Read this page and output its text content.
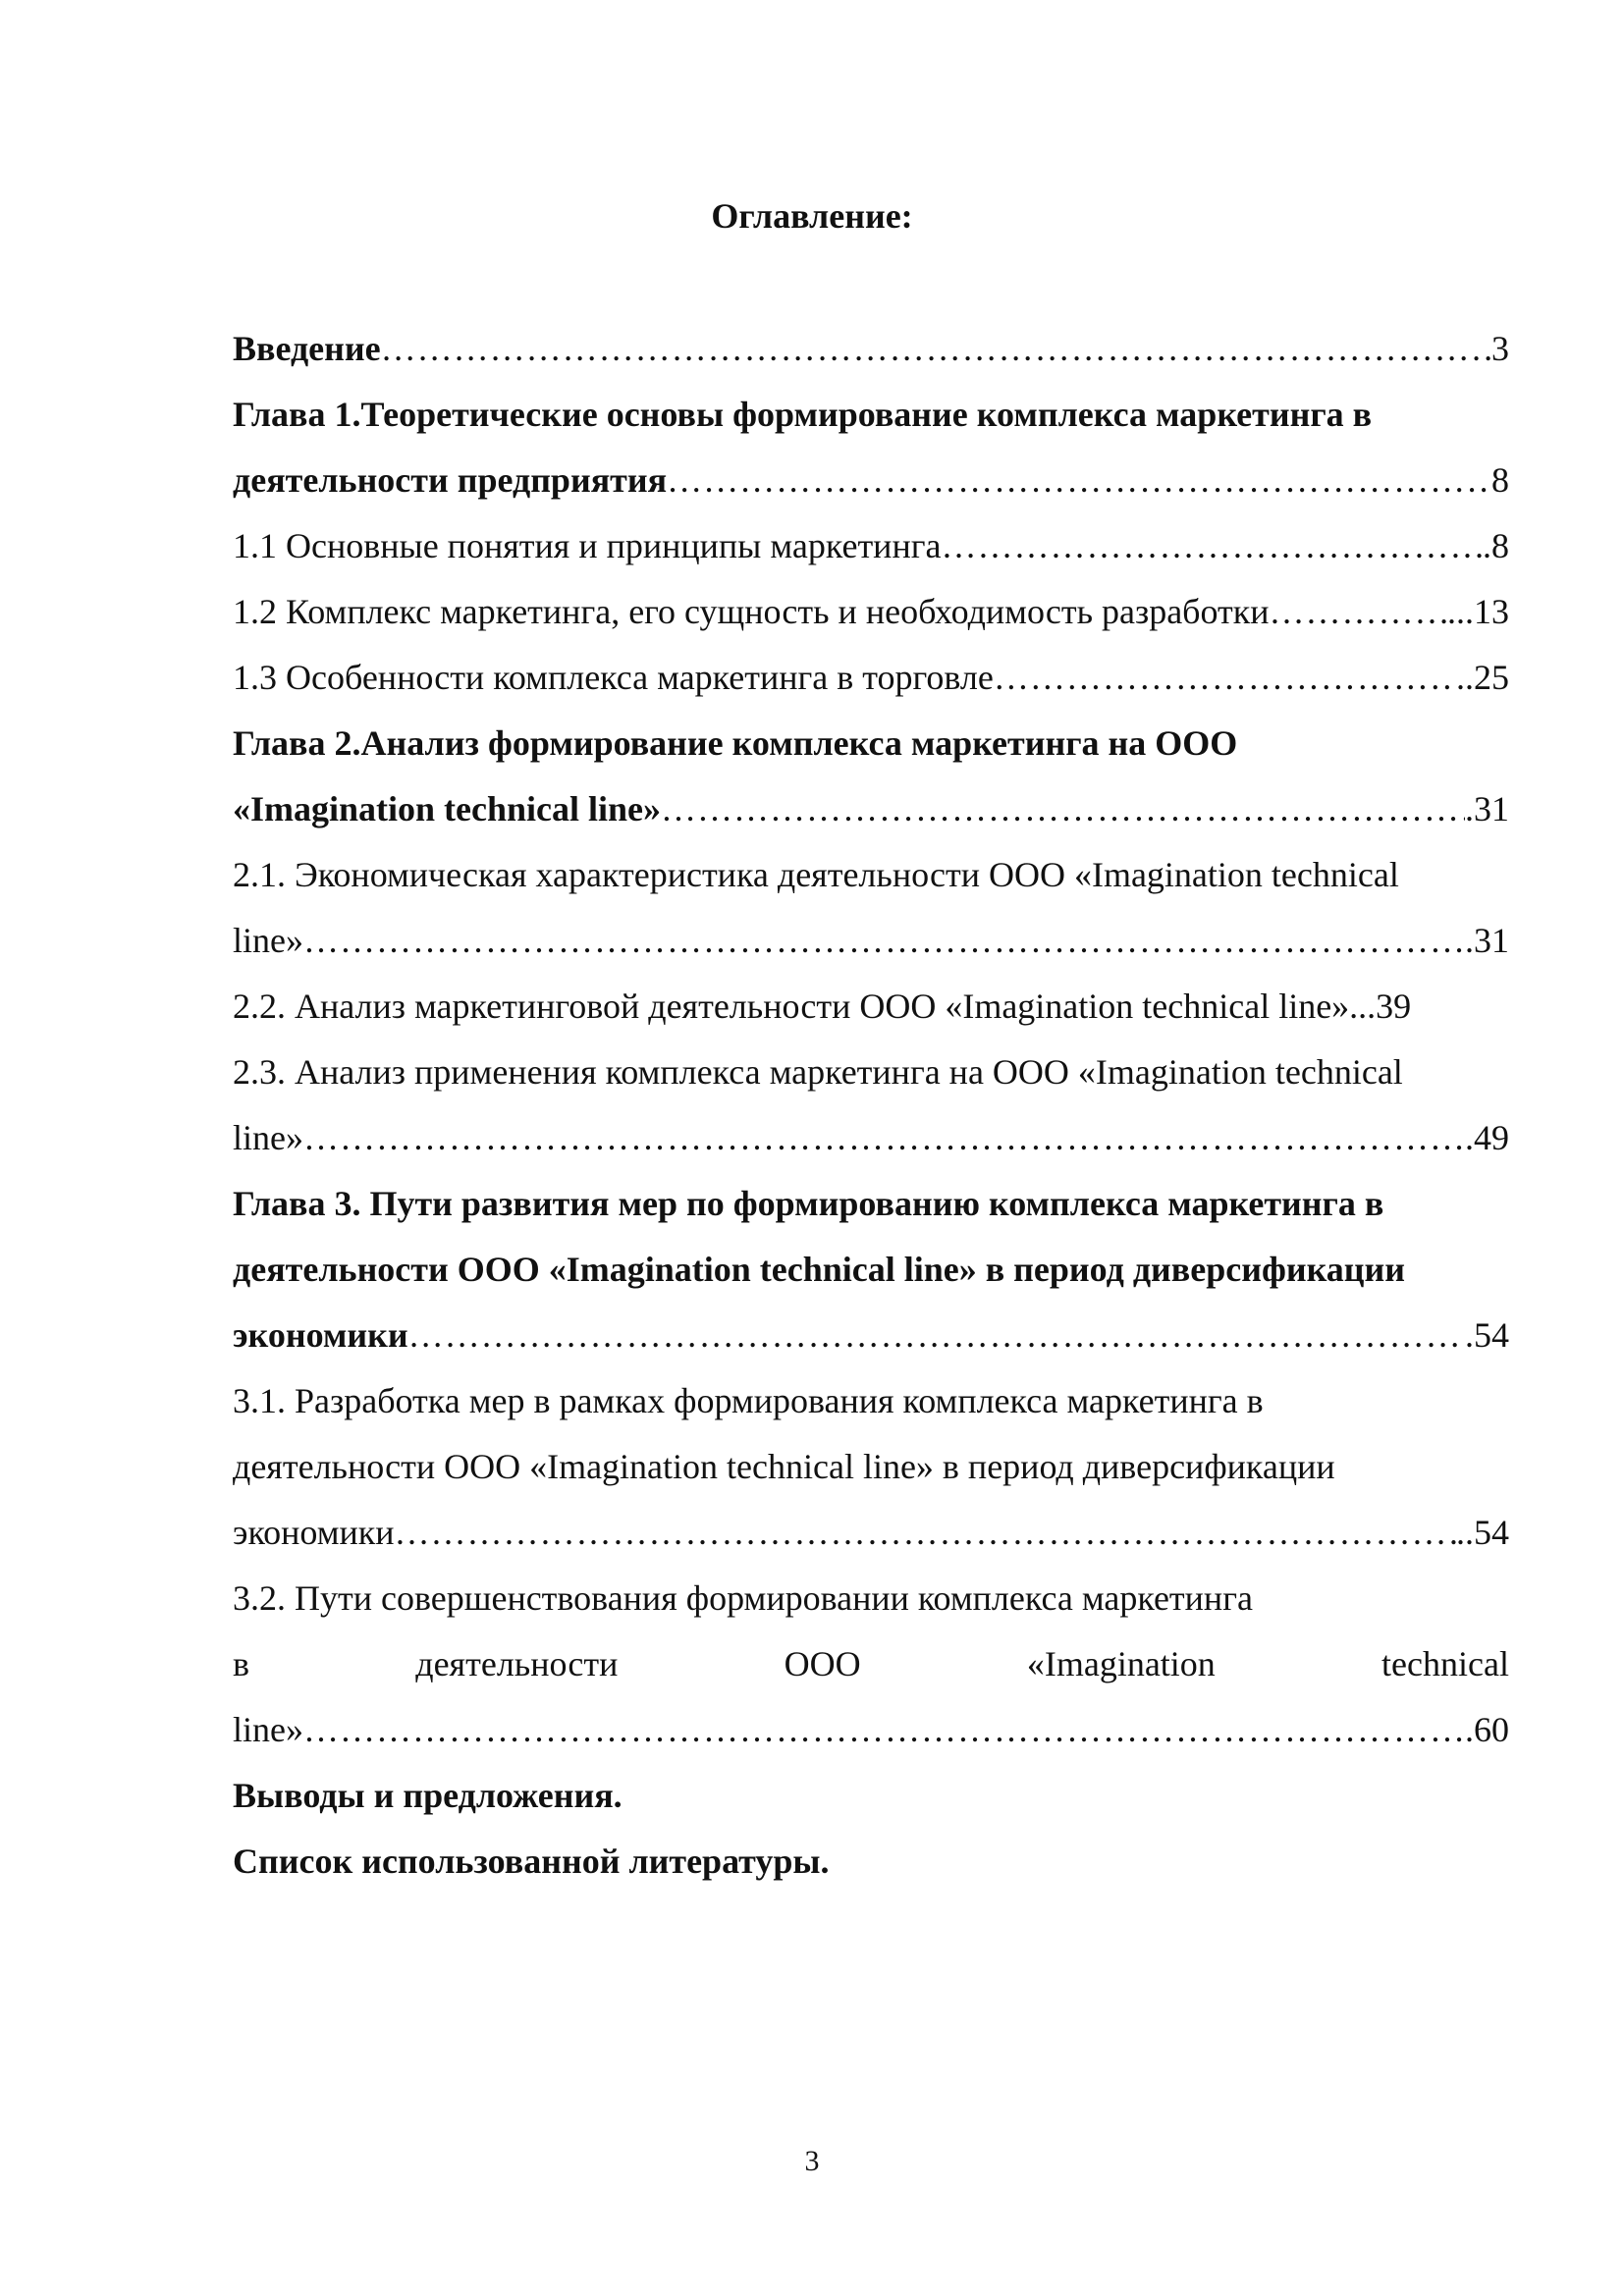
Оглавление:
Введение ……………………………………………………………………………………………………………………………………………………	3
Глава 1.Теоретические основы формирование комплекса маркетинга в
деятельности предприятия ……………………………………………………………………………………………………………………………………………………	8
1.1 Основные понятия и принципы маркетинга ……………………………………………………………………………………………………………………………………………………	.8
1.2 Комплекс маркетинга, его сущность и необходимость разработки ……………………………………………………………………………………………………………………………………………………	...13
1.3 Особенности комплекса маркетинга в торговле ……………………………………………………………………………………………………………………………………………………	..25
Глава 2.Анализ формирование комплекса маркетинга на ООО
«Imagination technical line» ……………………………………………………………………………………………………………………………………………………	.31
2.1. Экономическая характеристика деятельности ООО «Imagination technical
line» ……………………………………………………………………………………………………………………………………………………	.31
2.2. Анализ маркетинговой деятельности ООО «Imagination technical line»...39
2.3. Анализ применения комплекса маркетинга на ООО «Imagination technical
line» ……………………………………………………………………………………………………………………………………………………	.49
Глава 3. Пути развития мер по формированию комплекса маркетинга в
деятельности ООО «Imagination technical line» в период диверсификации
экономики ……………………………………………………………………………………………………………………………………………………	.54
3.1. Разработка мер в рамках формирования комплекса маркетинга в
деятельности ООО «Imagination technical line» в период диверсификации
экономики ……………………………………………………………………………………………………………………………………………………	..54
3.2. Пути совершенствования формировании комплекса маркетинга
в	деятельности	ООО	«Imagination	technical
line» ……………………………………………………………………………………………………………………………………………………	.60
Выводы и предложения.
Список использованной литературы.
3
